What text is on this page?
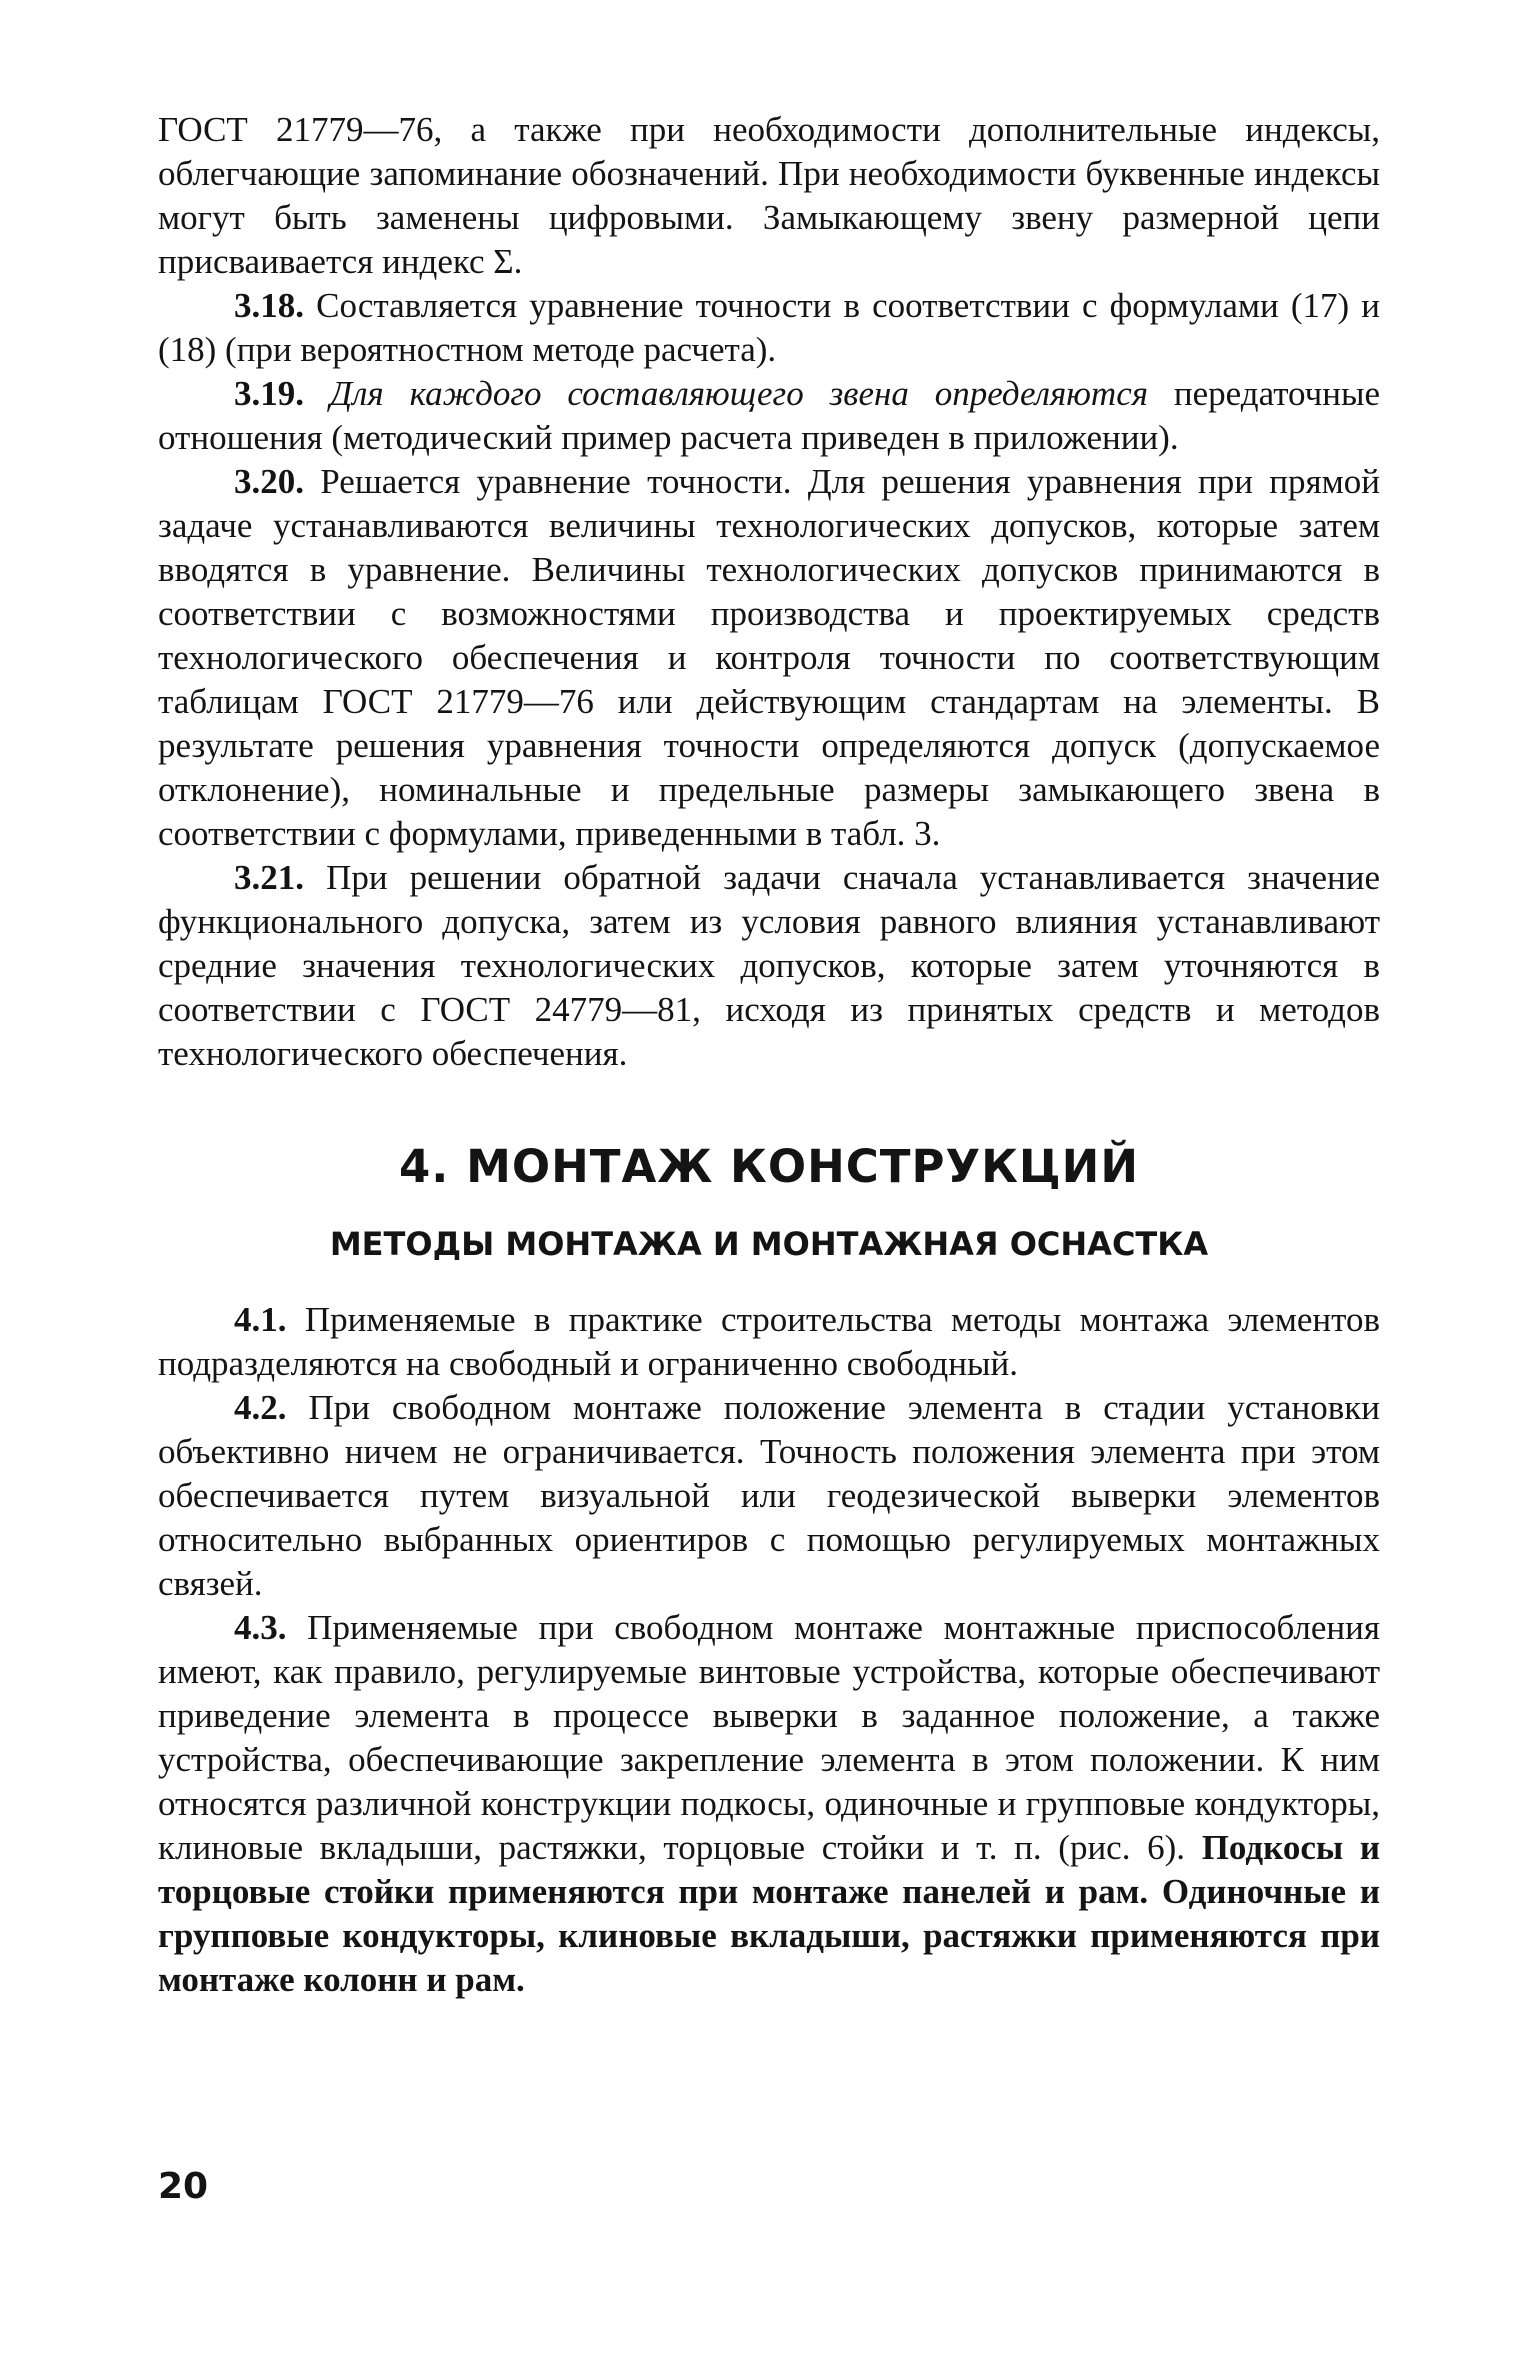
ГОСТ 21779—76, а также при необходимости дополнительные индексы, облегчающие запоминание обозначений. При необходимости буквенные индексы могут быть заменены цифровыми. Замыкающему звену размерной цепи присваивается индекс Σ.

3.18. Составляется уравнение точности в соответствии с формулами (17) и (18) (при вероятностном методе расчета).

3.19. Для каждого составляющего звена определяются передаточные отношения (методический пример расчета приведен в приложении).

3.20. Решается уравнение точности. Для решения уравнения при прямой задаче устанавливаются величины технологических допусков, которые затем вводятся в уравнение. Величины технологических допусков принимаются в соответствии с возможностями производства и проектируемых средств технологического обеспечения и контроля точности по соответствующим таблицам ГОСТ 21779—76 или действующим стандартам на элементы. В результате решения уравнения точности определяются допуск (допускаемое отклонение), номинальные и предельные размеры замыкающего звена в соответствии с формулами, приведенными в табл. 3.

3.21. При решении обратной задачи сначала устанавливается значение функционального допуска, затем из условия равного влияния устанавливают средние значения технологических допусков, которые затем уточняются в соответствии с ГОСТ 24779—81, исходя из принятых средств и методов технологического обеспечения.

4. МОНТАЖ КОНСТРУКЦИЙ
МЕТОДЫ МОНТАЖА И МОНТАЖНАЯ ОСНАСТКА

4.1. Применяемые в практике строительства методы монтажа элементов подразделяются на свободный и ограниченно свободный.

4.2. При свободном монтаже положение элемента в стадии установки объективно ничем не ограничивается. Точность положения элемента при этом обеспечивается путем визуальной или геодезической выверки элементов относительно выбранных ориентиров с помощью регулируемых монтажных связей.

4.3. Применяемые при свободном монтаже монтажные приспособления имеют, как правило, регулируемые винтовые устройства, которые обеспечивают приведение элемента в процессе выверки в заданное положение, а также устройства, обеспечивающие закрепление элемента в этом положении. К ним относятся различной конструкции подкосы, одиночные и групповые кондукторы, клиновые вкладыши, растяжки, торцовые стойки и т. п. (рис. 6). Подкосы и торцовые стойки применяются при монтаже панелей и рам. Одиночные и групповые кондукторы, клиновые вкладыши, растяжки применяются при монтаже колонн и рам.

20
